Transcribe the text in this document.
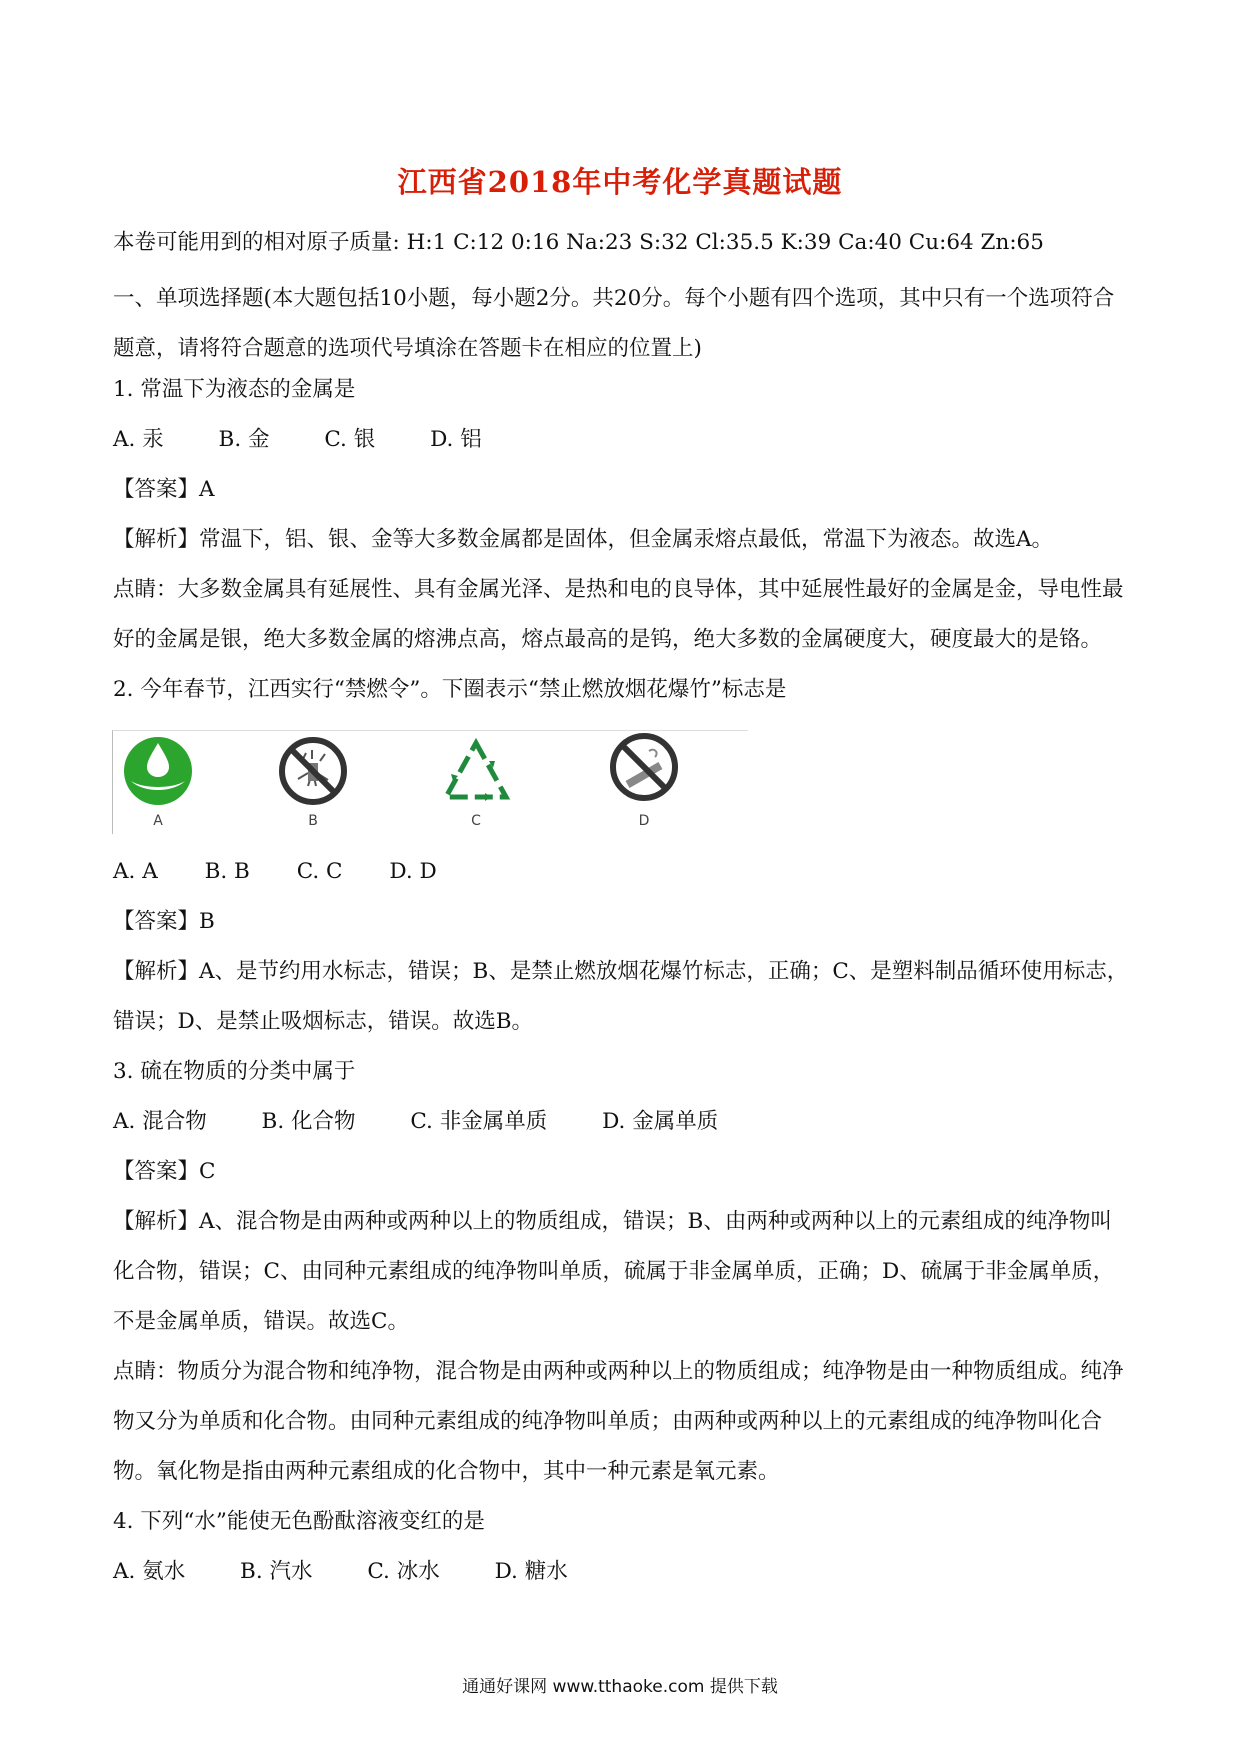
江西省2018年中考化学真题试题
本卷可能用到的相对原子质量: H:1 C:12 0:16 Na:23 S:32 Cl:35.5 K:39 Ca:40 Cu:64 Zn:65
一、单项选择题(本大题包括10小题，每小题2分。共20分。每个小题有四个选项，其中只有一个选项符合题意，请将符合题意的选项代号填涂在答题卡在相应的位置上)
1. 常温下为液态的金属是
A. 汞	B. 金	C. 银	D. 铝
【答案】A
【解析】常温下，铝、银、金等大多数金属都是固体，但金属汞熔点最低，常温下为液态。故选A。
点睛：大多数金属具有延展性、具有金属光泽、是热和电的良导体，其中延展性最好的金属是金，导电性最好的金属是银，绝大多数金属的熔沸点高，熔点最高的是钨，绝大多数的金属硬度大，硬度最大的是铬。
2. 今年春节，江西实行“禁燃令”。下圈表示“禁止燃放烟花爆竹”标志是
A	B	C	D
A. A B. B C. C D. D
【答案】B
【解析】A、是节约用水标志，错误；B、是禁止燃放烟花爆竹标志，正确；C、是塑料制品循环使用标志，错误；D、是禁止吸烟标志，错误。故选B。
3. 硫在物质的分类中属于
A. 混合物	B. 化合物	C. 非金属单质	D. 金属单质
【答案】C
【解析】A、混合物是由两种或两种以上的物质组成，错误；B、由两种或两种以上的元素组成的纯净物叫化合物，错误；C、由同种元素组成的纯净物叫单质，硫属于非金属单质，正确；D、硫属于非金属单质，不是金属单质，错误。故选C。
点睛：物质分为混合物和纯净物，混合物是由两种或两种以上的物质组成；纯净物是由一种物质组成。纯净物又分为单质和化合物。由同种元素组成的纯净物叫单质；由两种或两种以上的元素组成的纯净物叫化合物。氧化物是指由两种元素组成的化合物中，其中一种元素是氧元素。
4. 下列“水”能使无色酚酞溶液变红的是
A. 氨水	B. 汽水	C. 冰水	D. 糖水
通通好课网 www.tthaoke.com 提供下载
